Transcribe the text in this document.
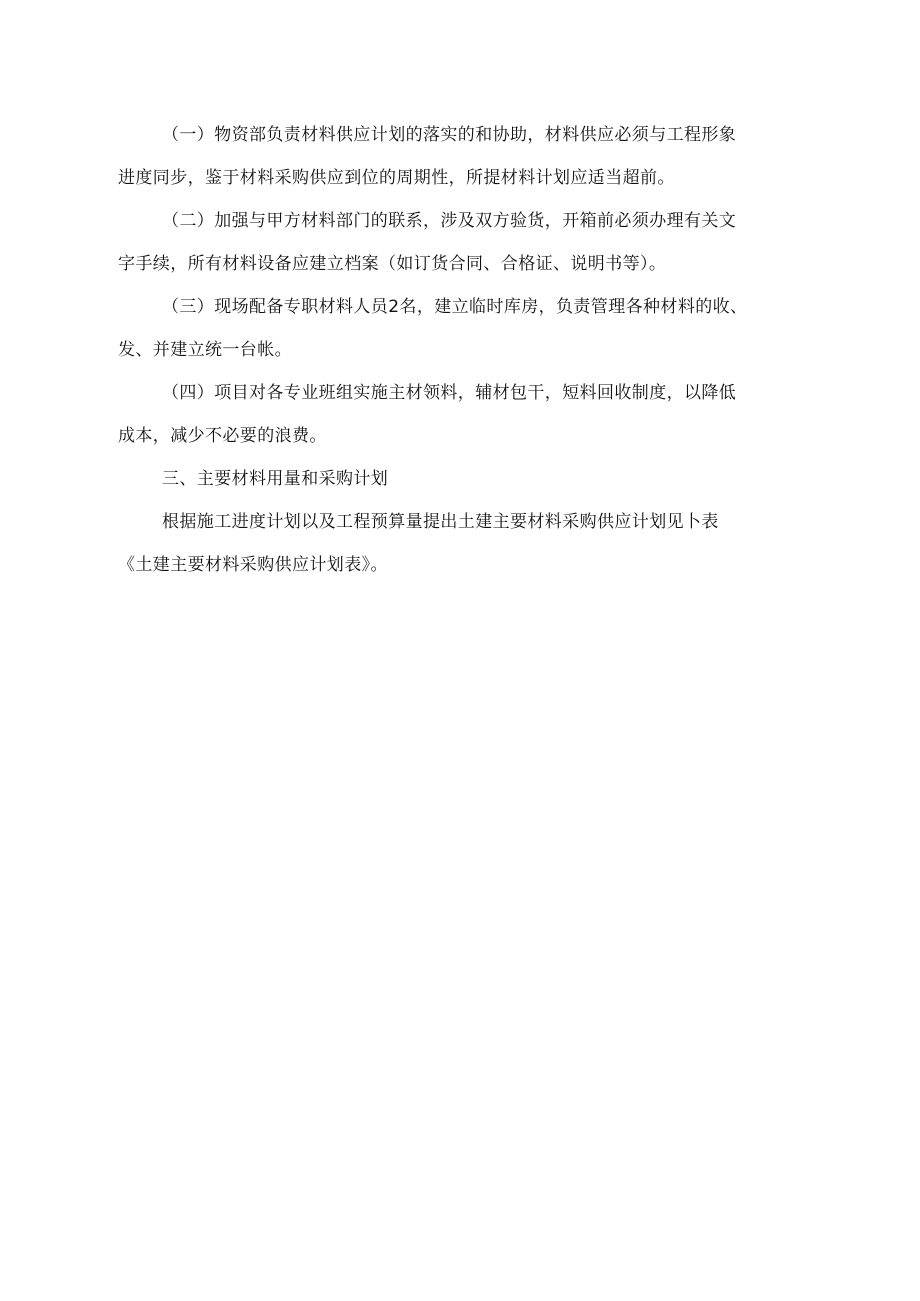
（一）物资部负责材料供应计划的落实的和协助，材料供应必须与工程形象
进度同步，鉴于材料采购供应到位的周期性，所提材料计划应适当超前。
（二）加强与甲方材料部门的联系，涉及双方验货，开箱前必须办理有关文
字手续，所有材料设备应建立档案（如订货合同、合格证、说明书等）。
（三）现场配备专职材料人员2名，建立临时库房，负责管理各种材料的收、
发、并建立统一台帐。
（四）项目对各专业班组实施主材领料，辅材包干，短料回收制度，以降低
成本，减少不必要的浪费。
三、主要材料用量和采购计划
根据施工进度计划以及工程预算量提出土建主要材料采购供应计划见卜表
《土建主要材料采购供应计划表》。
